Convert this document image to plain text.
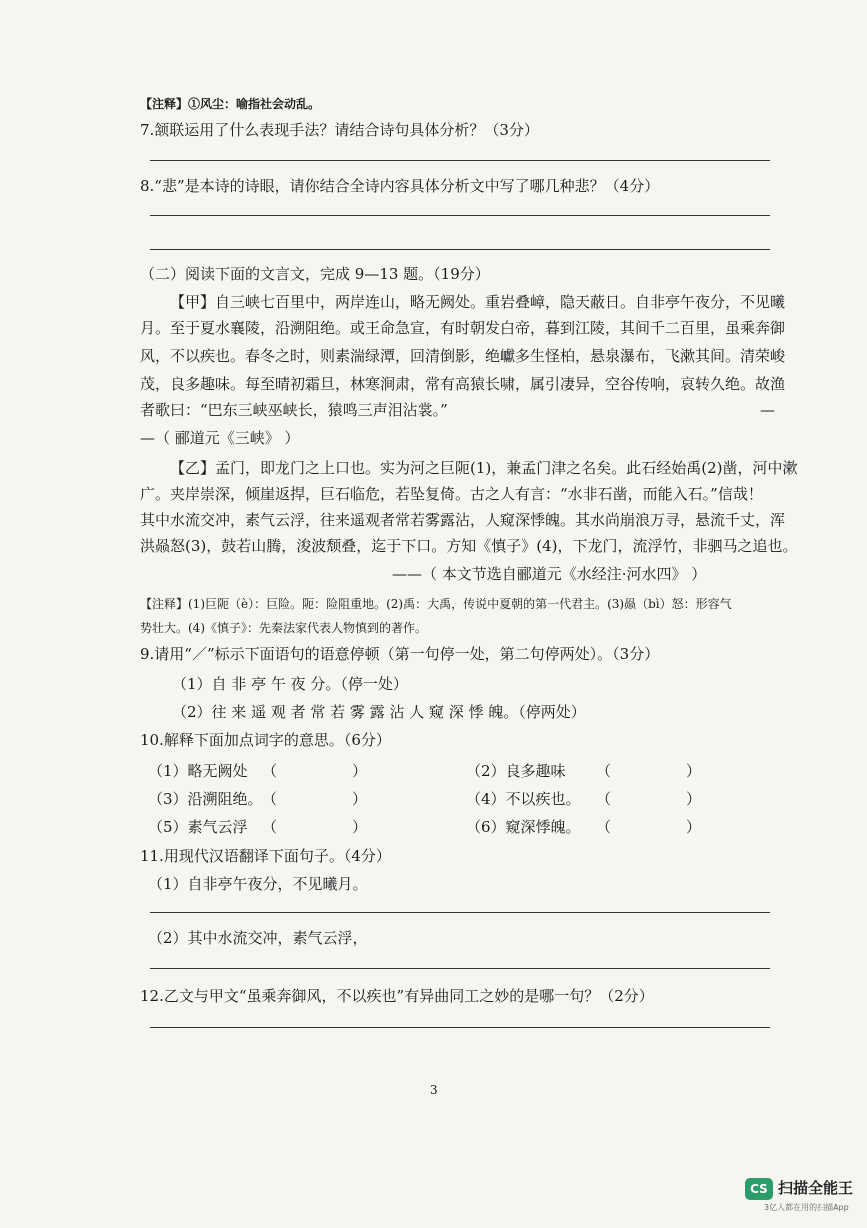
【注释】①风尘：喻指社会动乱。
7.颔联运用了什么表现手法？请结合诗句具体分析？（3分）
8.“悲”是本诗的诗眼，请你结合全诗内容具体分析文中写了哪几种悲？（4分）
（二）阅读下面的文言文，完成 9—13 题。（19分）
【甲】自三峡七百里中，两岸连山，略无阙处。重岩叠嶂，隐天蔽日。自非亭午夜分，不见曦
月。至于夏水襄陵，沿溯阻绝。或王命急宣，有时朝发白帝，暮到江陵，其间千二百里，虽乘奔御
风，不以疾也。春冬之时，则素湍绿潭，回清倒影，绝巘多生怪柏，悬泉瀑布，飞漱其间。清荣峻
茂，良多趣味。每至晴初霜旦，林寒涧肃，常有高猿长啸，属引凄异，空谷传响，哀转久绝。故渔
者歌曰：“巴东三峡巫峡长，猿鸣三声泪沾裳。”	—
—（ 郦道元《三峡》 ）
【乙】孟门，即龙门之上口也。实为河之巨阨(1)，兼孟门津之名矣。此石经始禹(2)凿，河中漱
广。夹岸崇深，倾崖返捍，巨石临危，若坠复倚。古之人有言：“水非石凿，而能入石。”信哉！
其中水流交冲，素气云浮，往来遥观者常若雾露沾，人窥深悸魄。其水尚崩浪万寻，悬流千丈，浑
洪赑怒(3)，鼓若山腾，浚波颓叠，迄于下口。方知《慎子》(4)，下龙门，流浮竹，非驷马之追也。
——（ 本文节选自郦道元《水经注·河水四》 ）
【注释】(1)巨阨（è）：巨险。阨：险阻重地。(2)禹：大禹，传说中夏朝的第一代君主。(3)赑（bì）怒：形容气
势壮大。(4)《慎子》：先秦法家代表人物慎到的著作。
9.请用“／”标示下面语句的语意停顿（第一句停一处，第二句停两处）。（3分）
（1）自 非 亭 午 夜 分。（停一处）
（2）往 来 遥 观 者 常 若 雾 露 沾 人 窥 深 悸 魄。（停两处）
10.解释下面加点词字的意思。（6分）
（1）略无阙处 （　　　　　）	（2）良多趣味 （　　　　　）
（3）沿溯阻绝。 （　　　　　）	（4）不以疾也。 （　　　　　）
（5）素气云浮 （　　　　　）	（6）窥深悸魄。 （　　　　　）
11.用现代汉语翻译下面句子。（4分）
（1）自非亭午夜分，不见曦月。
（2）其中水流交冲，素气云浮，
12.乙文与甲文“虽乘奔御风，不以疾也”有异曲同工之妙的是哪一句？（2分）
3
CS 扫描全能王
3亿人都在用的扫描App
